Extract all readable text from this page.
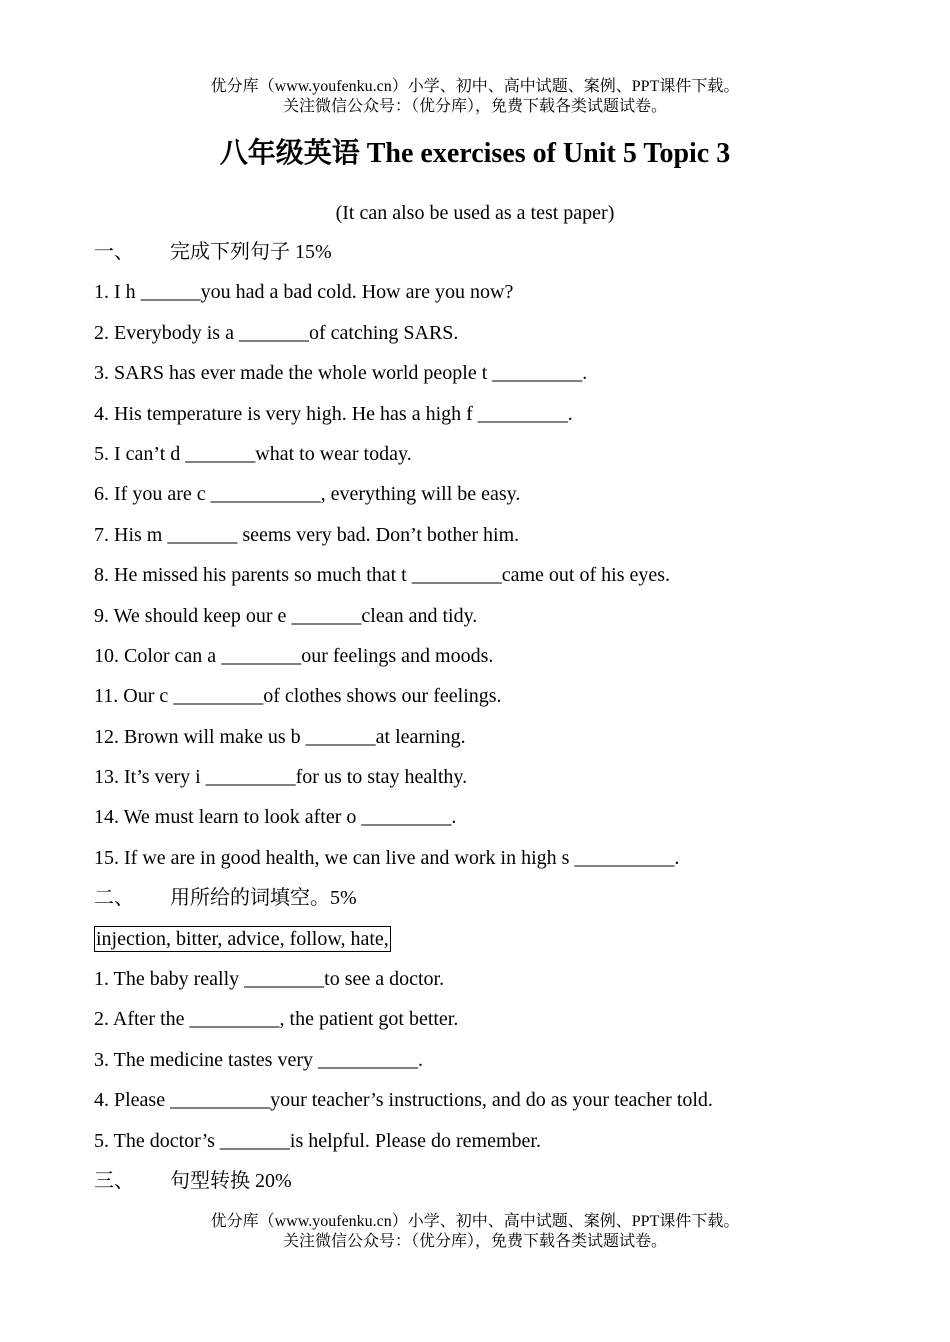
优分库（www.youfenku.cn）小学、初中、高中试题、案例、PPT课件下载。
关注微信公众号：（优分库），免费下载各类试题试卷。
八年级英语 The exercises of Unit 5 Topic 3
(It can also be used as a test paper)
一、 完成下列句子 15%
1. I h ______you had a bad cold. How are you now?
2. Everybody is a _______of catching SARS.
3. SARS has ever made the whole world people t _________.
4. His temperature is very high. He has a high f _________.
5. I can’t d _______what to wear today.
6. If you are c ___________, everything will be easy.
7. His m _______ seems very bad. Don’t bother him.
8. He missed his parents so much that t _________came out of his eyes.
9. We should keep our e _______clean and tidy.
10. Color can a ________our feelings and moods.
11. Our c _________of clothes shows our feelings.
12. Brown will make us b _______at learning.
13. It’s very i _________for us to stay healthy.
14. We must learn to look after o _________.
15. If we are in good health, we can live and work in high s __________.
二、 用所给的词填空。5%
injection, bitter, advice, follow, hate,
1. The baby really ________to see a doctor.
2. After the _________, the patient got better.
3. The medicine tastes very __________.
4. Please __________your teacher’s instructions, and do as your teacher told.
5. The doctor’s _______is helpful. Please do remember.
三、 句型转换 20%
优分库（www.youfenku.cn）小学、初中、高中试题、案例、PPT课件下载。
关注微信公众号：（优分库），免费下载各类试题试卷。
